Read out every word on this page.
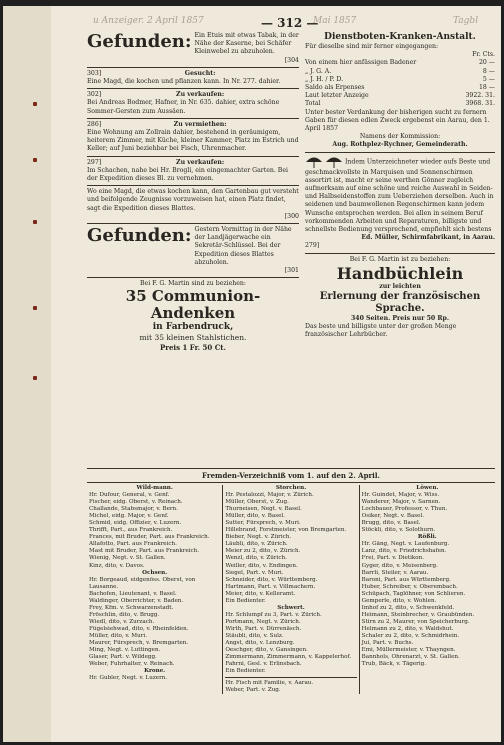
u Anzeiger. 2 April 1857	Mai 1857	Tagbl
— 312 —
Gefunden: Ein Etuis mit etwas Tabak, in der Nähe der Kaserne, bei Schäfer Kleinwebel zu abzuholen.
[304
303]	Gesucht:
Eine Magd, die kochen und pflanzen kann. In Nr. 277. dahier.
302]	Zu verkaufen:
Bei Andreas Bodmer, Hafner, in Nr. 635. dahier, extra schöne Sommer-Gersten zum Aussäen.
286]	Zu vermiethen:
Eine Wohnung am Zollrain dahier, bestehend in geräumigem, heiterem Zimmer, mit Küche, kleiner Kammer, Platz im Estrich und Keller; auf Juni beziehbar bei Fisch, Uhrenmacher.
297]	Zu verkaufen:
Im Schachen, nahe bei Hr. Brogli, ein eingemachter Garten. Bei der Expedition dieses Bl. zu vernehmen.
Wo eine Magd, die etwas kochen kann, den Gartenbau gut versteht und beifolgende Zeugnisse vorzuweisen hat, einen Platz findet, sagt die Expedition dieses Blattes.
[300
Gefunden: Gestern Vormittag in der Nähe der Landjägerwache ein Sekretär-Schlüssel. Bei der Expedition dieses Blattes abzuholen.
[301
Bei F. G. Martin sind zu beziehen:
35 Communion-Andenken
in Farbendruck,
mit 35 kleinen Stahlstichen.
Preis 1 Fr. 50 Ct.
Dienstboten-Kranken-Anstalt.
Für dieselbe sind mir ferner eingegangen:
Fr. Cts.
Von einem hier anfässigen Badener	20 —
„ J. G. A.	8 —
„ J. H. / P. D.	5 —
Saldo als Erpenses	18 —
Laut letzter Anzeige	3922. 31.
Total	3968. 31.
Unter bester Verdankung der bisherigen sucht zu fernern Gaben für diesen edlen Zweck ergebenst ein Aarau, den 1. April 1857
Namens der Kommission:
Aug. Rothplez-Rychner, Gemeinderath.
Indem Unterzeichneter wieder aufs Beste und geschmackvollste in Marquisen und Sonnenschirmen assortirt ist, macht er seine werthen Gönner zugleich aufmerksam auf eine schöne und reiche Auswahl in Seiden- und Halbseidenstoffen zum Ueberziehen derselben. Auch in seidenen und baumwollenen Regenschirmen kann jedem Wunsche entsprochen werden. Bei allen in seinem Beruf vorkommenden Arbeiten und Reparaturen, billigste und schnellste Bedienung versprechend, empfiehlt sich bestens
Ed. Müller, Schirmfabrikant, in Aarau.
279]
Bei F. G. Martin ist zu beziehen:
Handbüchlein
zur leichten
Erlernung der französischen Sprache.
340 Seiten. Preis nur 50 Rp.
Das beste und billigste unter der großen Menge französischer Lehrbücher.
Fremden-Verzeichniß vom 1. auf den 2. April.
Wild-mann.
Hr. Dufour, General, v. Genf.
Fischer, eidg. Oberst, v. Reinach.
Challande, Stabsmajor, v. Bern.
Michel, eidg. Major, v. Genf.
Schmid, eidg. Offizier, v. Luzern.
Thrifft, Part., aus Frankreich.
Frances, mit Bruder, Part. aus Frankreich.
Allafotto, Part. aus Frankreich.
Mast mit Bruder, Part. aus Frankreich.
Wienig, Negt. v. St. Gallen.
Kinz, dito, v. Davos.
Ochsen.
Hr. Borgeaud, eidgenöss. Oberst, von Lausanne.
Bachofen, Lieutenant, v. Basel.
Waldinger, Oberrichter, v. Baden.
Frey, Kfm. v. Schwarzenstadt.
Fröschlin, dito, v. Brugg.
Wiedl, dito, v. Zurzach.
Fügelsiehwad, dito, v. Rheinfelden.
Müller, dito, v. Muri.
Maurer, Fürsprech, v. Bremgarten.
Ming, Negt. v. Luttingen.
Glaser, Part. v. Wildegg.
Weber, Fuhrhalter, v. Reinach.
Krone.
Hr. Gubler, Negt. v. Luzern.
Storchen.
Hr. Pestalozzi, Major, v. Zürich.
Müller, Oberst, v. Zug.
Thurneisen, Negt. v. Basel.
Müller, dito, v. Basel.
Sutter, Fürsprech, v. Muri.
Hillebrand, Forstmeister, von Bremgarten.
Bieber, Negt. v. Zürich.
Läubli, dito, v. Zürich.
Meier zu 2, dito, v. Zürich.
Wenzl, dito, v. Zürich.
Weiller, dito, v. Endingen.
Siegel, Part. v. Muri.
Schneider, dito, v. Württemberg.
Hartmann, Part. v. Villmachern.
Meier, dito, v. Kelleramt.
Ein Bedienter.
Schwert.
Hr. Schlumpf zu 3, Part. v. Zürich.
Portmann, Negt. v. Zürich.
Wirth, Part. v. Dürrenäsch.
Stäubli, dito, v. Sulz.
Angst, dito, v. Lenzburg.
Oeschger, dito, v. Gansingen.
Zimmermann, Zimmermann, v. Kappelerhof.
Fahrni, Gesl. v. Erlinsbach.
Ein Bedienter.
Hr. Fisch mit Familie, v. Aarau.
Weber, Part. v. Zug.
Löwen.
Hr. Guindet, Major, v. Wiss.
Wanderer, Major, v. Sarnen.
Lochbauer, Professor, v. Thun.
Osiker, Negt. v. Basel.
Brugg, dito, v. Basel.
Stöckli, dito, v. Solothurn.
Rößli.
Hr. Gäng, Negt. v. Laufenburg.
Lanz, dito, v. Friedrichshafen.
Frei, Part. v. Dietikon.
Gyger, dito, v. Meisenberg.
Barrli, Steiler, v. Aarau.
Baroni, Part. aus Württemberg.
Huber, Schreiber, v. Oberembach.
Schüpach, Taglöhner, von Schlieren.
Gemperle, dito, v. Wohlen.
Imhof zu 2, dito, v. Schwenkfeld.
Heimann, Steinbrecher, v. Graubünden.
Stirn zu 2, Maurer, von Speicherburg.
Helmann zu 2, dito, v. Waldshut.
Schaler zu 2, dito, v. Schmidrhein.
Jui, Part. v. Buchs.
Emi, Müllermeister, v. Thayngen.
Bannhols, Ohrenarzt, v. St. Gallen.
Trub, Bäck, v. Tägerig.
